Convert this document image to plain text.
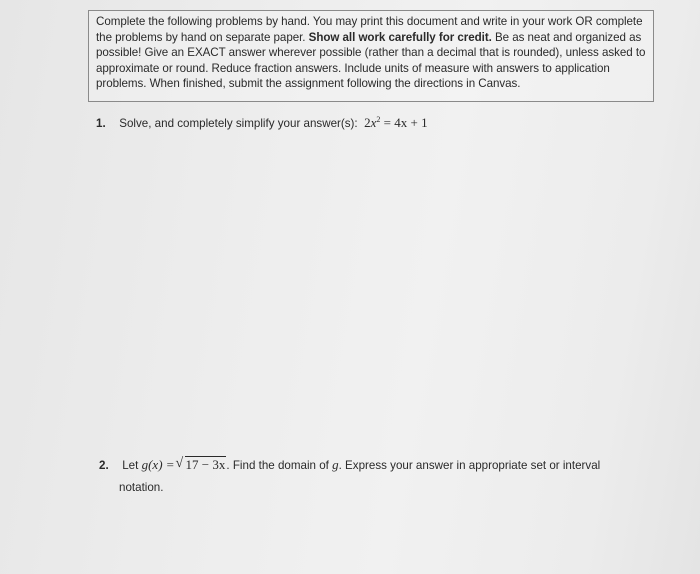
Complete the following problems by hand. You may print this document and write in your work OR complete the problems by hand on separate paper. Show all work carefully for credit. Be as neat and organized as possible! Give an EXACT answer wherever possible (rather than a decimal that is rounded), unless asked to approximate or round. Reduce fraction answers. Include units of measure with answers to application problems. When finished, submit the assignment following the directions in Canvas.

1. Solve, and completely simplify your answer(s): $2x^2 = 4x + 1$
2. Let g(x) = √ 17 − 3x. Find the domain of g. Express your answer in appropriate set or interval
notation.
